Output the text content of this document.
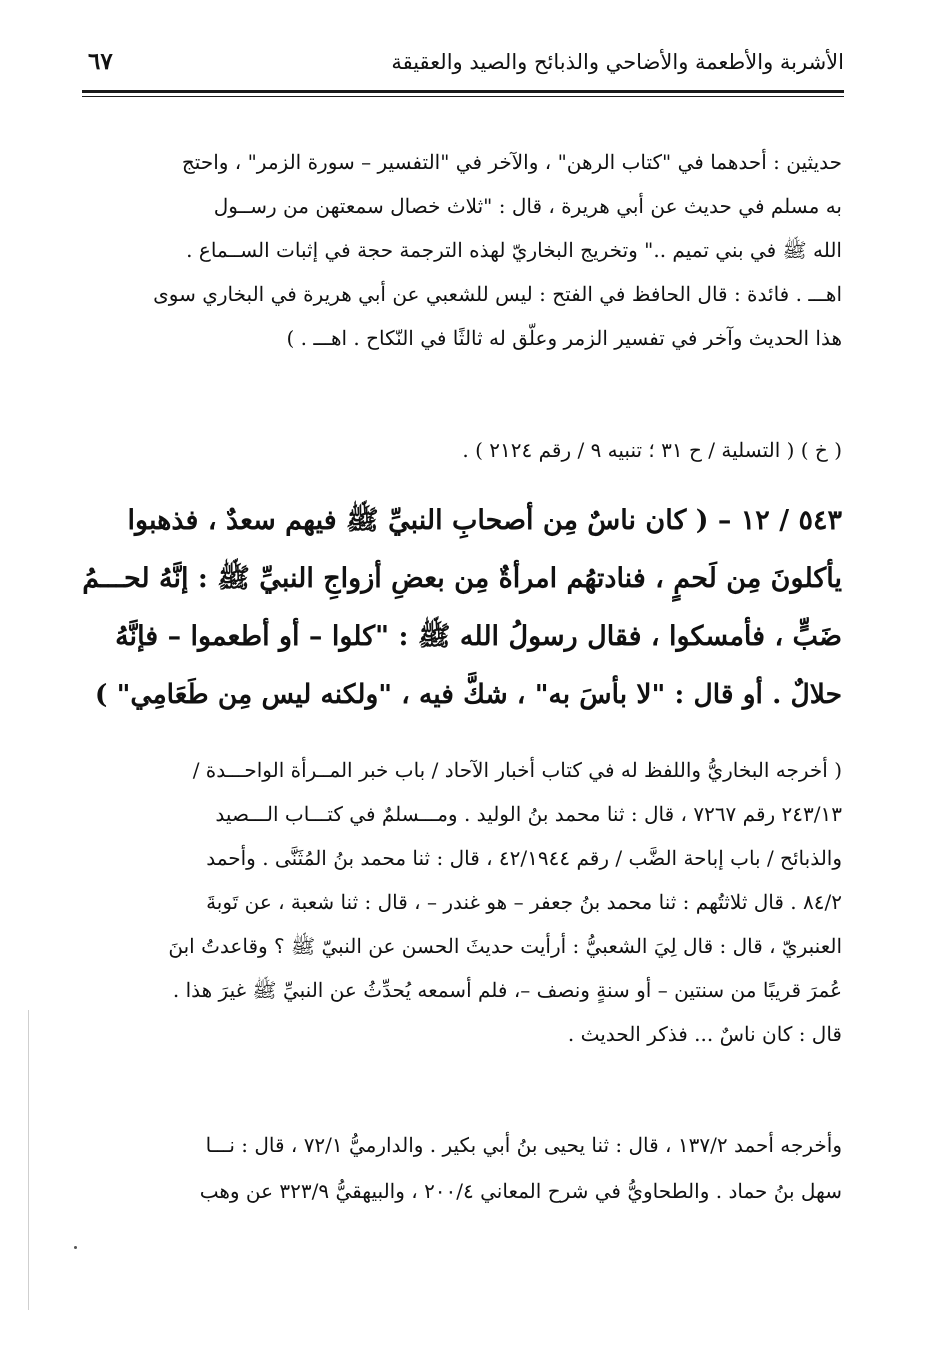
الأشربة والأطعمة والأضاحي والذبائح والصيد والعقيقة
٦٧
حديثين : أحدهما في "كتاب الرهن" ، والآخر في "التفسير – سورة الزمر" ، واحتج
به مسلم في حديث عن أبي هريرة ، قال : "ثلاث خصال سمعتهن من رســول
الله ﷺ في بني تميم .." وتخريج البخاريّ لهذه الترجمة حجة في إثبات الســماع .
اهـــ . فائدة : قال الحافظ في الفتح : ليس للشعبي عن أبي هريرة في البخاري سوى
هذا الحديث وآخر في تفسير الزمر وعلّق له ثالثًا في النّكاح . اهـــ . )
( خ ) ( التسلية / ح ٣١ ؛ تنبيه ٩ / رقم ٢١٢٤ ) .
٥٤٣ / ١٢ – ( كان ناسٌ مِن أصحابِ النبيِّ ﷺ فيهم سعدٌ ، فذهبوا
يأكلونَ مِن لَحمٍ ، فنادتهُم امرأةٌ مِن بعضِ أزواجِ النبيِّ ﷺ : إنَّهُ لحـــمُ
ضَبٍّ ، فأمسكوا ، فقال رسولُ الله ﷺ : "كلوا – أو أطعموا – فإنَّهُ
حلالٌ . أو قال : "لا بأسَ به" ، شكَّ فيه ، "ولكنه ليس مِن طَعَامِي" )
( أخرجه البخاريُّ واللفظ له في كتاب أخبار الآحاد / باب خبر المــرأة الواحـــدة /
٢٤٣/١٣ رقم ٧٢٦٧ ، قال : ثنا محمد بنُ الوليد . ومـــسلمٌ في كتـــاب الـــصيد
والذبائح / باب إباحة الضَّب / رقم ٤٢/١٩٤٤ ، قال : ثنا محمد بنُ المُثَنَّى . وأحمد
٨٤/٢ . قال ثلاثتُهم : ثنا محمد بنُ جعفر – هو غندر – ، قال : ثنا شعبة ، عن تَوبةَ
العنبريّ ، قال : قال لِيَ الشعبيُّ : أرأيت حديثَ الحسن عن النبيّ ﷺ ؟ وقاعدتُ ابنَ
عُمرَ قريبًا من سنتين – أو سنةٍ ونصف –، فلم أسمعه يُحدِّثُ عن النبيِّ ﷺ غيرَ هذا .
قال : كان ناسٌ ... فذكر الحديث .
وأخرجه أحمد ١٣٧/٢ ، قال : ثنا يحيى بنُ أبي بكير . والدارميُّ ٧٢/١ ، قال : نـــا
سهل بنُ حماد . والطحاويُّ في شرح المعاني ٢٠٠/٤ ، والبيهقيُّ ٣٢٣/٩ عن وهب
